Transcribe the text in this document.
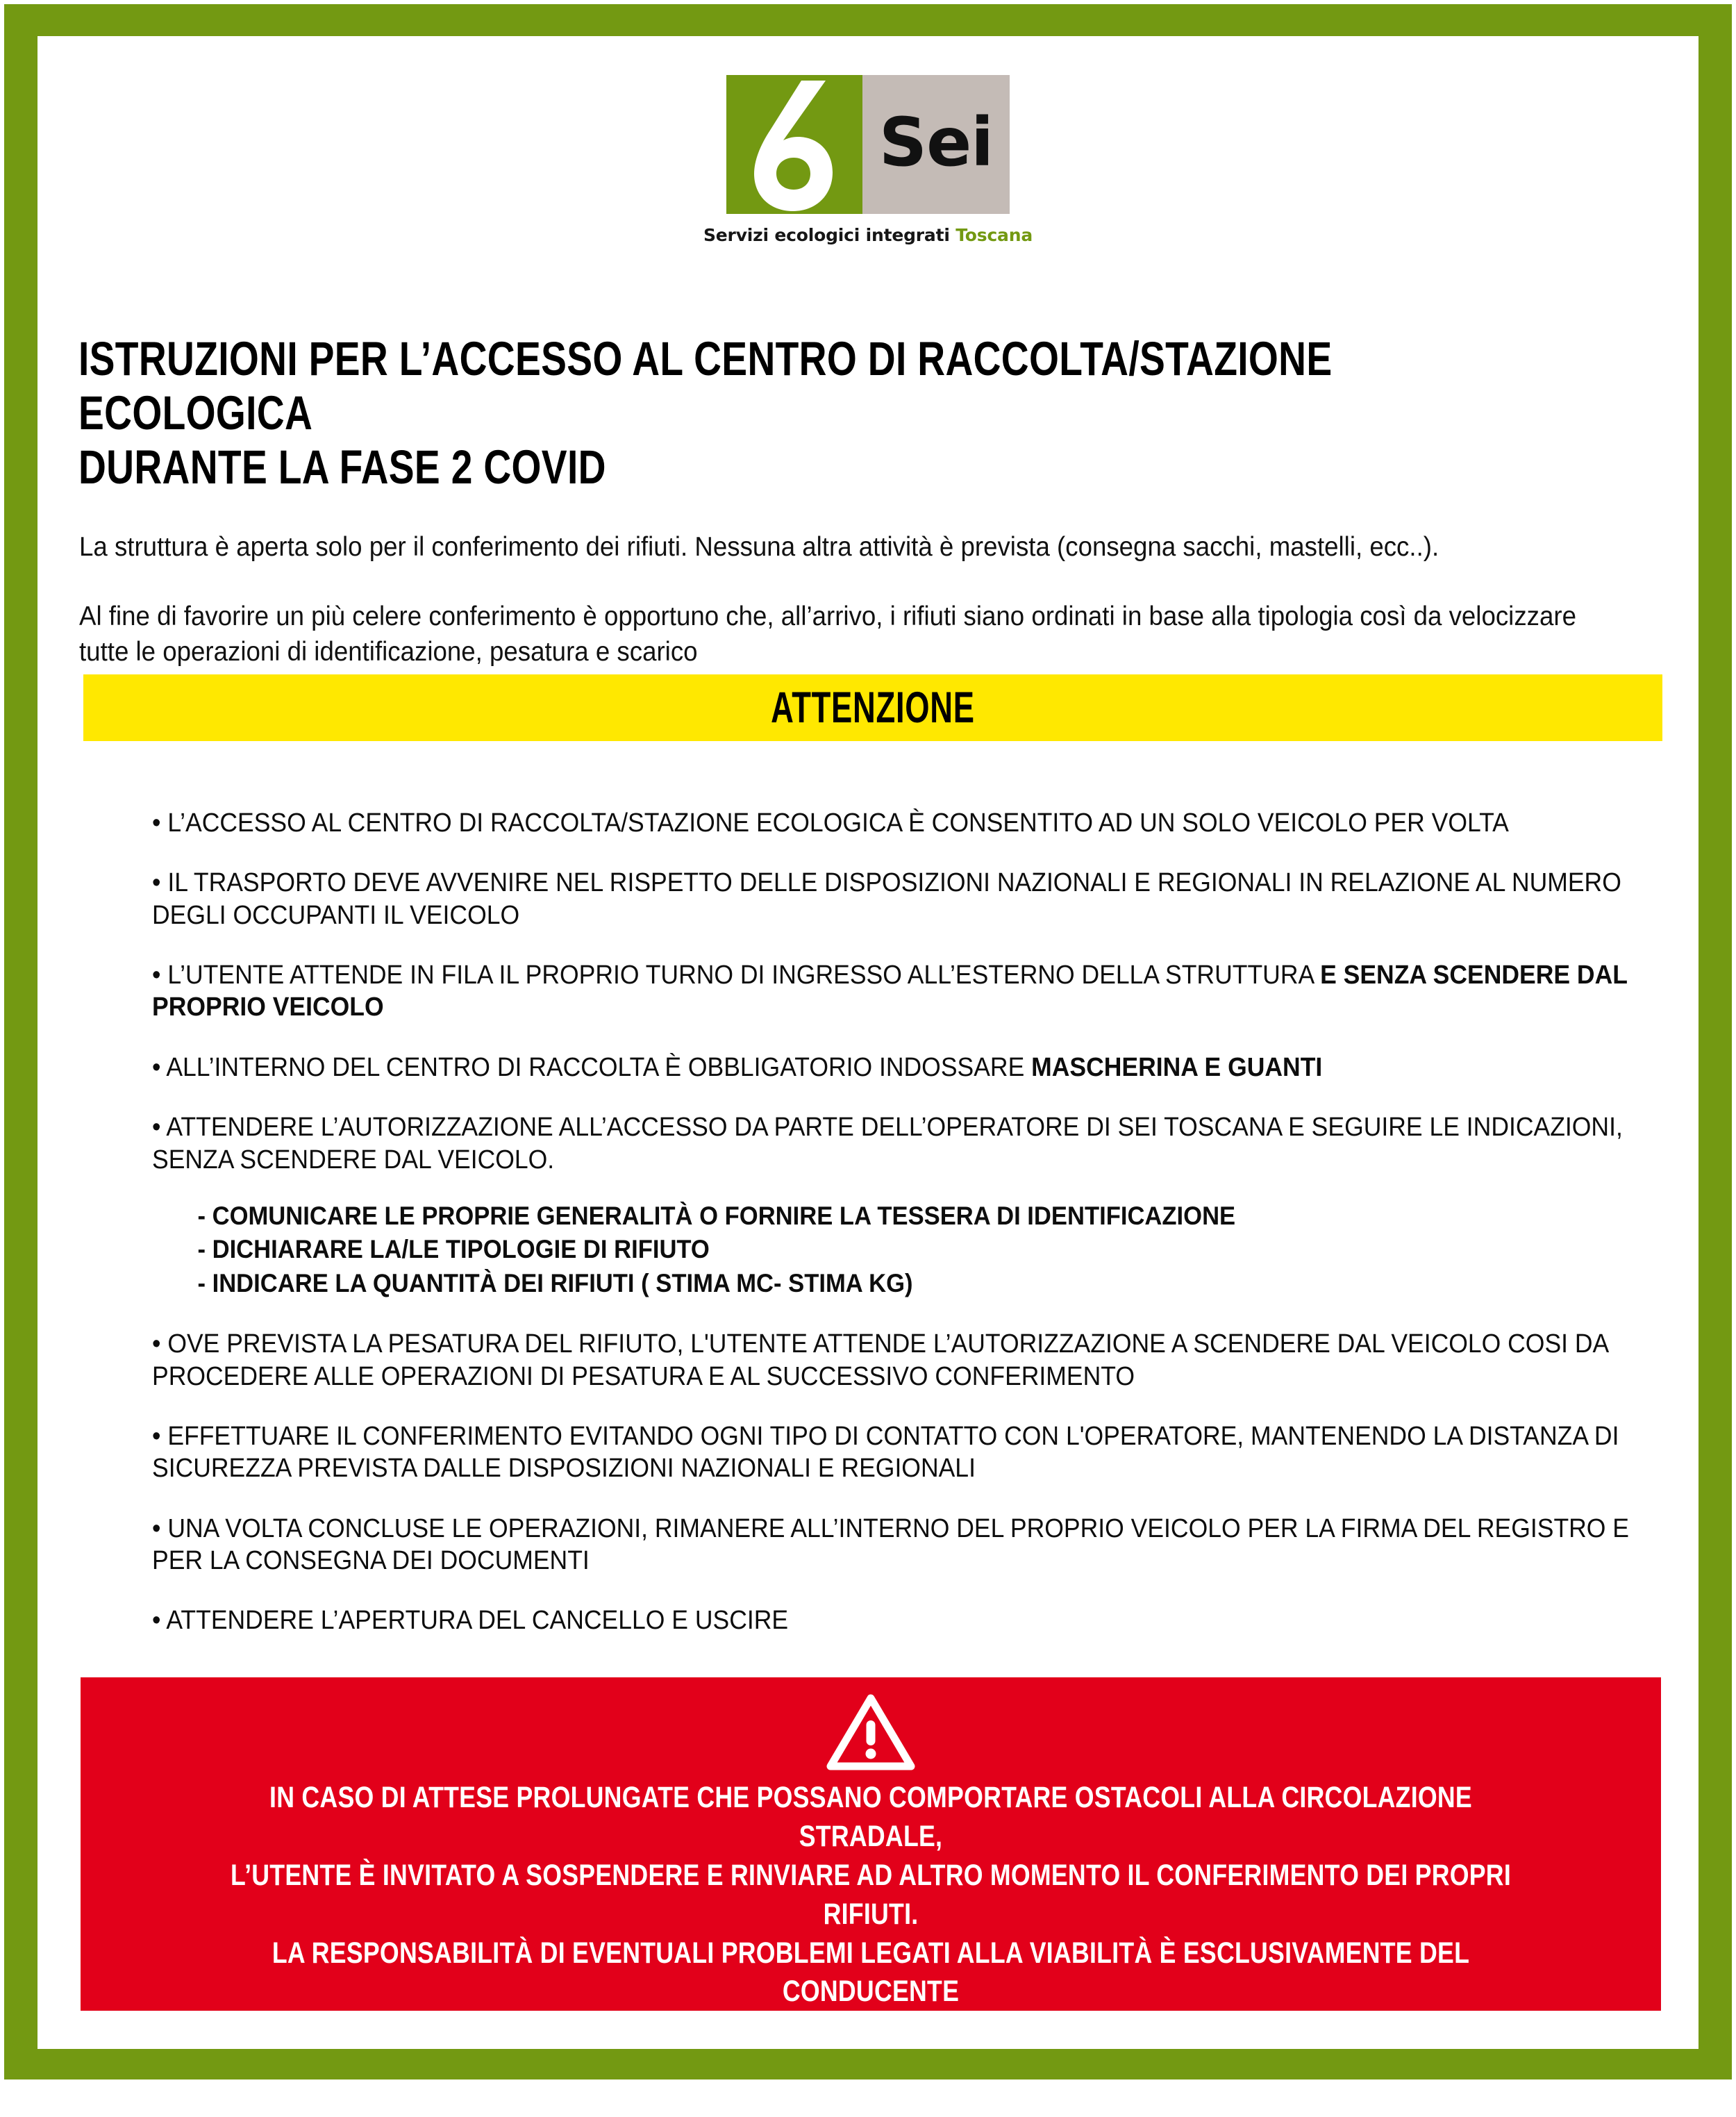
Sei
Servizi ecologici integrati Toscana
ISTRUZIONI PER L’ACCESSO AL CENTRO DI RACCOLTA/STAZIONE ECOLOGICA
DURANTE LA FASE 2 COVID

La struttura è aperta solo per il conferimento dei rifiuti. Nessuna altra attività è prevista (consegna sacchi, mastelli, ecc..).

Al fine di favorire un più celere conferimento è opportuno che, all’arrivo, i rifiuti siano ordinati in base alla tipologia così da velocizzare tutte le operazioni di identificazione, pesatura e scarico

ATTENZIONE

• L’ACCESSO AL CENTRO DI RACCOLTA/STAZIONE ECOLOGICA È CONSENTITO AD UN SOLO VEICOLO PER VOLTA

• IL TRASPORTO DEVE AVVENIRE NEL RISPETTO DELLE DISPOSIZIONI NAZIONALI E REGIONALI IN RELAZIONE AL NUMERO DEGLI OCCUPANTI IL VEICOLO

• L’UTENTE ATTENDE IN FILA IL PROPRIO TURNO DI INGRESSO ALL’ESTERNO DELLA STRUTTURA E SENZA SCENDERE DAL PROPRIO VEICOLO

• ALL’INTERNO DEL CENTRO DI RACCOLTA È OBBLIGATORIO INDOSSARE MASCHERINA E GUANTI

• ATTENDERE L’AUTORIZZAZIONE ALL’ACCESSO DA PARTE DELL’OPERATORE DI SEI TOSCANA E SEGUIRE LE INDICAZIONI, SENZA SCENDERE DAL VEICOLO.
- COMUNICARE LE PROPRIE GENERALITÀ O FORNIRE LA TESSERA DI IDENTIFICAZIONE
- DICHIARARE LA/LE TIPOLOGIE DI RIFIUTO
- INDICARE LA QUANTITÀ DEI RIFIUTI ( STIMA MC- STIMA KG)

• OVE PREVISTA LA PESATURA DEL RIFIUTO, L'UTENTE ATTENDE L’AUTORIZZAZIONE A SCENDERE DAL VEICOLO COSI DA PROCEDERE ALLE OPERAZIONI DI PESATURA E AL SUCCESSIVO CONFERIMENTO

• EFFETTUARE IL CONFERIMENTO EVITANDO OGNI TIPO DI CONTATTO CON L'OPERATORE, MANTENENDO LA DISTANZA DI SICUREZZA PREVISTA DALLE DISPOSIZIONI NAZIONALI E REGIONALI

• UNA VOLTA CONCLUSE LE OPERAZIONI, RIMANERE ALL’INTERNO DEL PROPRIO VEICOLO PER LA FIRMA DEL REGISTRO E PER LA CONSEGNA DEI DOCUMENTI

• ATTENDERE L’APERTURA DEL CANCELLO E USCIRE

IN CASO DI ATTESE PROLUNGATE CHE POSSANO COMPORTARE OSTACOLI ALLA CIRCOLAZIONE STRADALE,
L’UTENTE È INVITATO A SOSPENDERE E RINVIARE AD ALTRO MOMENTO IL CONFERIMENTO DEI PROPRI RIFIUTI.
LA RESPONSABILITÀ DI EVENTUALI PROBLEMI LEGATI ALLA VIABILITÀ È ESCLUSIVAMENTE DEL CONDUCENTE
DEL VEICOLO.
È SEVERAMENTE VIETATO ABBANDONARE I RIFIUTI FUORI DAL CENTRO DI RACCOLTA
